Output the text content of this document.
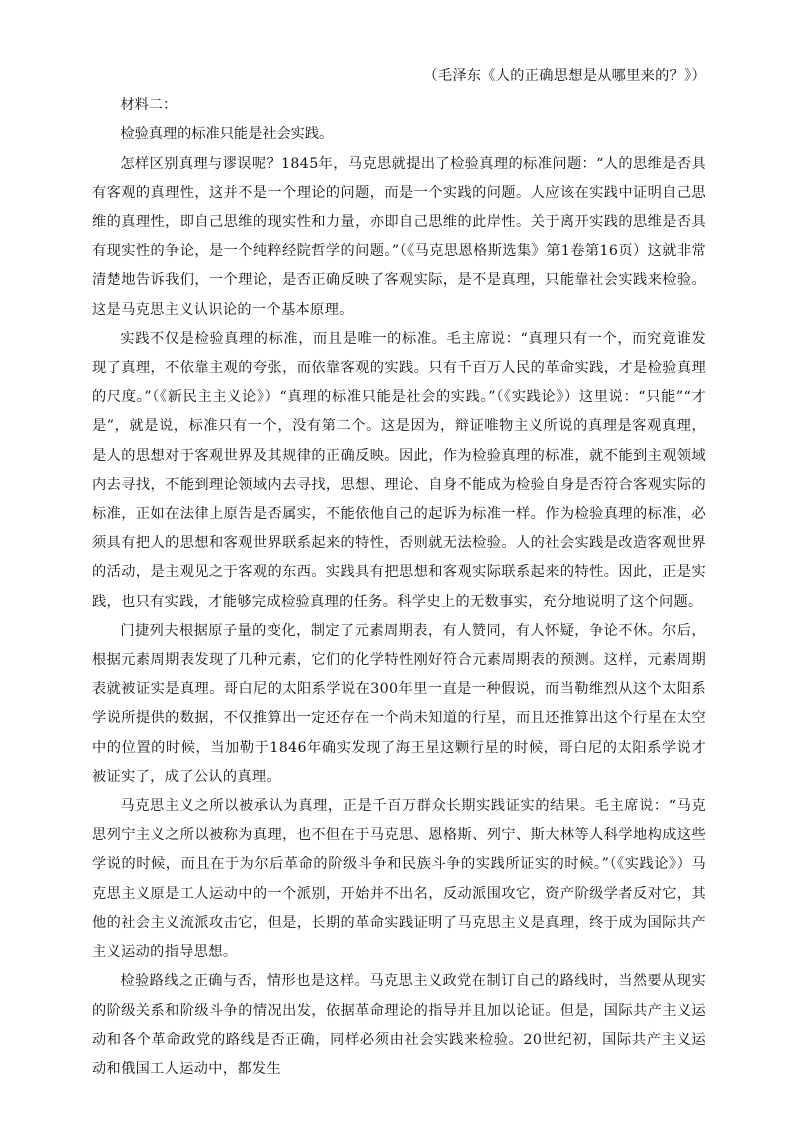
（毛泽东《人的正确思想是从哪里来的？》）

材料二：

检验真理的标准只能是社会实践。

怎样区别真理与谬误呢？1845年，马克思就提出了检验真理的标准问题：“人的思维是否具有客观的真理性，这并不是一个理论的问题，而是一个实践的问题。人应该在实践中证明自己思维的真理性，即自己思维的现实性和力量，亦即自己思维的此岸性。关于离开实践的思维是否具有现实性的争论，是一个纯粹经院哲学的问题。”（《马克思恩格斯选集》第1卷第16页）这就非常清楚地告诉我们，一个理论，是否正确反映了客观实际，是不是真理，只能靠社会实践来检验。这是马克思主义认识论的一个基本原理。

实践不仅是检验真理的标准，而且是唯一的标准。毛主席说：“真理只有一个，而究竟谁发现了真理，不依靠主观的夸张，而依靠客观的实践。只有千百万人民的革命实践，才是检验真理的尺度。”（《新民主主义论》）“真理的标准只能是社会的实践。”（《实践论》）这里说：“只能”“才是”，就是说，标准只有一个，没有第二个。这是因为，辩证唯物主义所说的真理是客观真理，是人的思想对于客观世界及其规律的正确反映。因此，作为检验真理的标准，就不能到主观领域内去寻找，不能到理论领域内去寻找，思想、理论、自身不能成为检验自身是否符合客观实际的标准，正如在法律上原告是否属实，不能依他自己的起诉为标准一样。作为检验真理的标准，必须具有把人的思想和客观世界联系起来的特性，否则就无法检验。人的社会实践是改造客观世界的活动，是主观见之于客观的东西。实践具有把思想和客观实际联系起来的特性。因此，正是实践，也只有实践，才能够完成检验真理的任务。科学史上的无数事实，充分地说明了这个问题。

门捷列夫根据原子量的变化，制定了元素周期表，有人赞同，有人怀疑，争论不休。尔后，根据元素周期表发现了几种元素，它们的化学特性刚好符合元素周期表的预测。这样，元素周期表就被证实是真理。哥白尼的太阳系学说在300年里一直是一种假说，而当勒维烈从这个太阳系学说所提供的数据，不仅推算出一定还存在一个尚未知道的行星，而且还推算出这个行星在太空中的位置的时候，当加勒于1846年确实发现了海王星这颗行星的时候，哥白尼的太阳系学说才被证实了，成了公认的真理。

马克思主义之所以被承认为真理，正是千百万群众长期实践证实的结果。毛主席说：“马克思列宁主义之所以被称为真理，也不但在于马克思、恩格斯、列宁、斯大林等人科学地构成这些学说的时候，而且在于为尔后革命的阶级斗争和民族斗争的实践所证实的时候。”（《实践论》）马克思主义原是工人运动中的一个派别，开始并不出名，反动派围攻它，资产阶级学者反对它，其他的社会主义流派攻击它，但是，长期的革命实践证明了马克思主义是真理，终于成为国际共产主义运动的指导思想。

检验路线之正确与否，情形也是这样。马克思主义政党在制订自己的路线时，当然要从现实的阶级关系和阶级斗争的情况出发，依据革命理论的指导并且加以论证。但是，国际共产主义运动和各个革命政党的路线是否正确，同样必须由社会实践来检验。20世纪初，国际共产主义运动和俄国工人运动中，都发生
